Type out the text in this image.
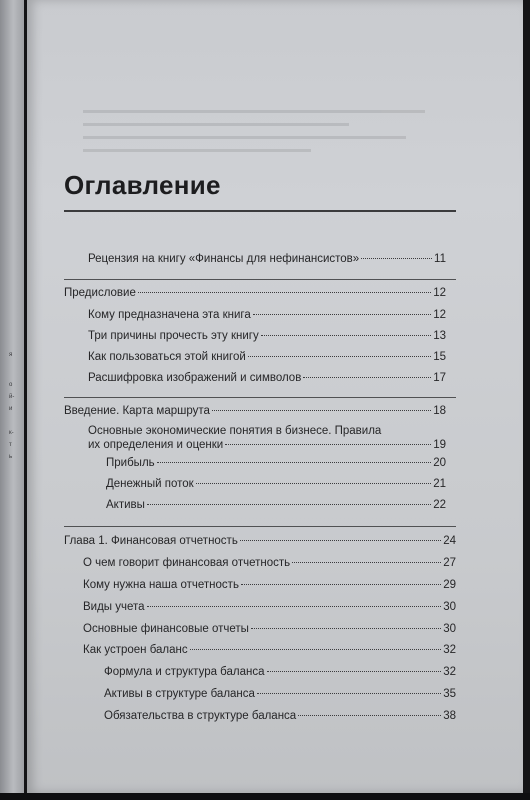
я
о
й-
и
к-
т
ь
Оглавление
Рецензия на книгу «Финансы для нефинансистов»	11
Предисловие	12
Кому предназначена эта книга	12
Три причины прочесть эту книгу	13
Как пользоваться этой книгой	15
Расшифровка изображений и символов	17
Введение. Карта маршрута	18
Основные экономические понятия в бизнесе. Правила
их определения и оценки	19
Прибыль	20
Денежный поток	21
Активы	22
Глава 1. Финансовая отчетность	24
О чем говорит финансовая отчетность	27
Кому нужна наша отчетность	29
Виды учета	30
Основные финансовые отчеты	30
Как устроен баланс	32
Формула и структура баланса	32
Активы в структуре баланса	35
Обязательства в структуре баланса	38
